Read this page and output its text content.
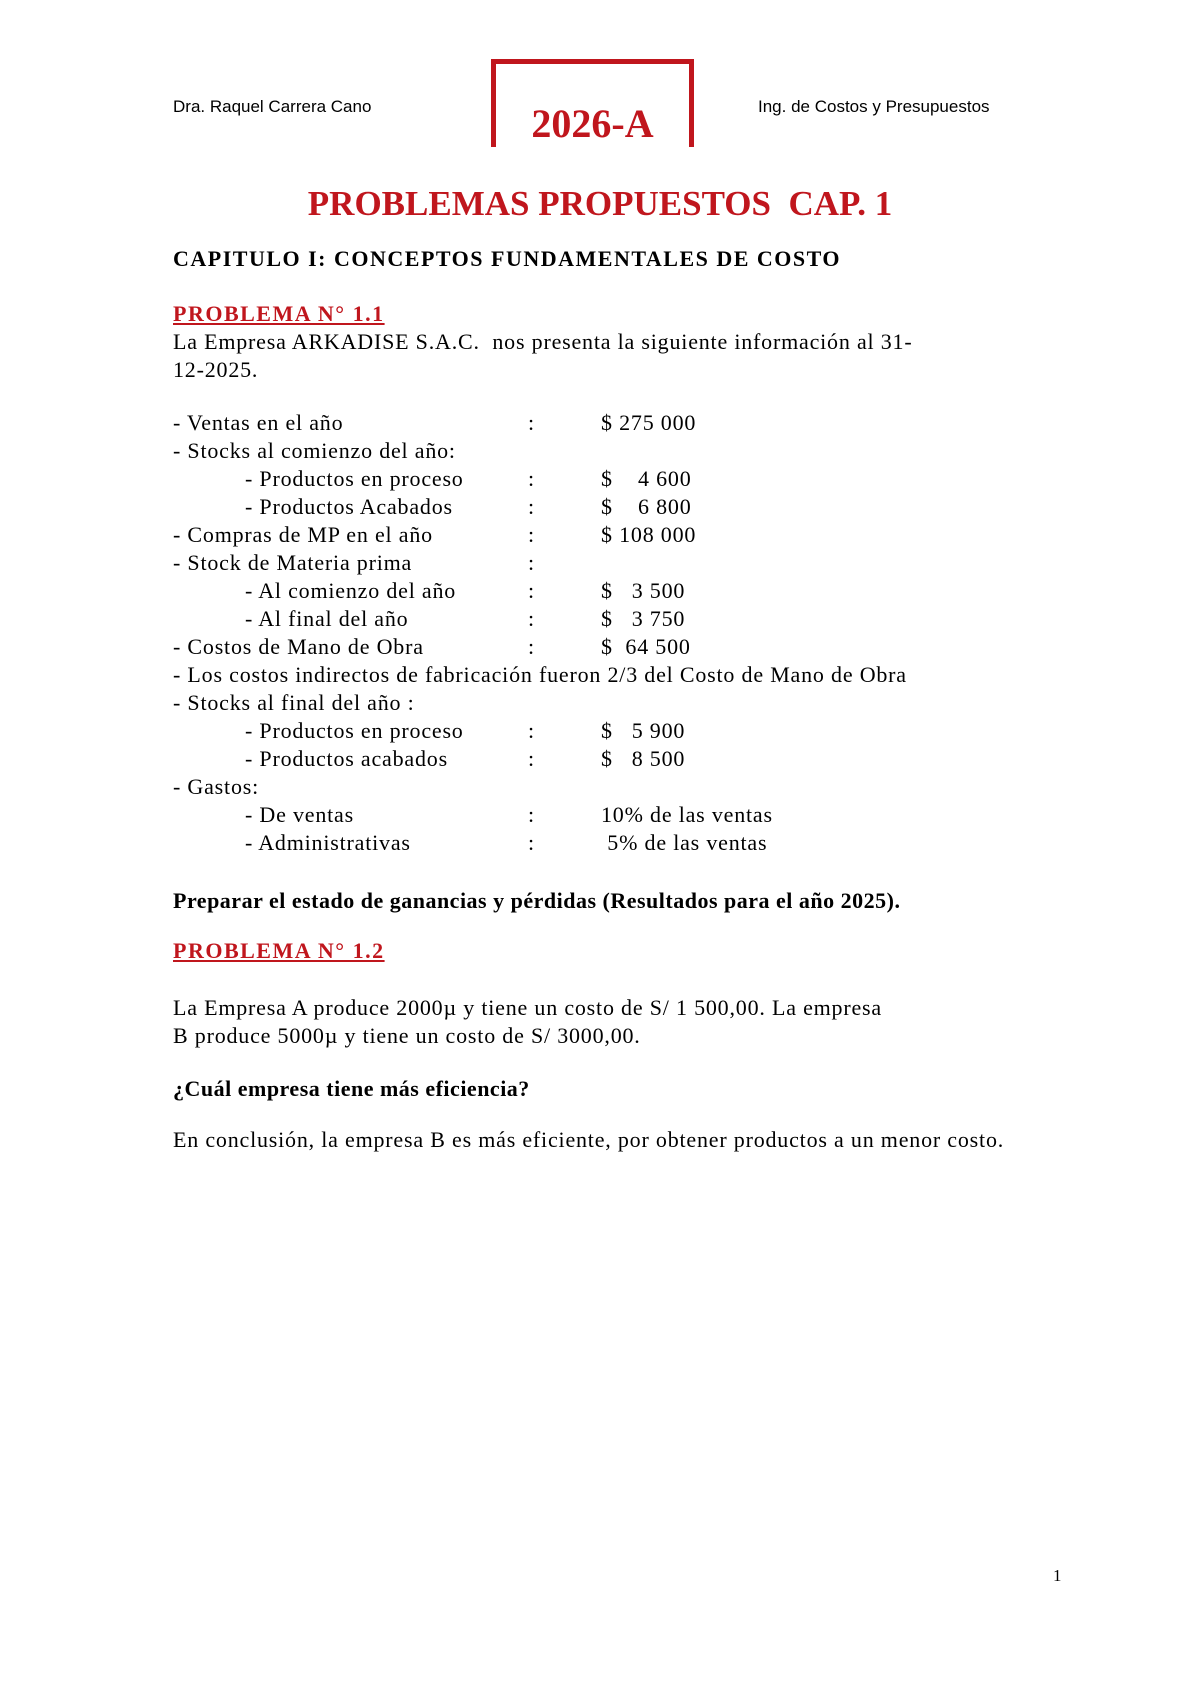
Dra. Raquel Carrera Cano	2026-A	Ing. de Costos y Presupuestos
PROBLEMAS PROPUESTOS  CAP. 1
CAPITULO I: CONCEPTOS FUNDAMENTALES DE COSTO
PROBLEMA N° 1.1
La Empresa ARKADISE S.A.C.  nos presenta la siguiente información al 31-
12-2025.
- Ventas en el año	:	$ 275 000
- Stocks al comienzo del año:
- Productos en proceso	:	$    4 600
- Productos Acabados	:	$    6 800
- Compras de MP en el año	:	$ 108 000
- Stock de Materia prima	:
- Al comienzo del año	:	$   3 500
- Al final del año	:	$   3 750
- Costos de Mano de Obra	:	$  64 500
- Los costos indirectos de fabricación fueron 2/3 del Costo de Mano de Obra
- Stocks al final del año :
- Productos en proceso	:	$   5 900
- Productos acabados	:	$   8 500
- Gastos:
- De ventas	:	10% de las ventas
- Administrativas	:	5% de las ventas
Preparar el estado de ganancias y pérdidas (Resultados para el año 2025).
PROBLEMA N° 1.2
La Empresa A produce 2000µ y tiene un costo de S/ 1 500,00. La empresa
B produce 5000µ y tiene un costo de S/ 3000,00.
¿Cuál empresa tiene más eficiencia?
En conclusión, la empresa B es más eficiente, por obtener productos a un menor costo.
1
